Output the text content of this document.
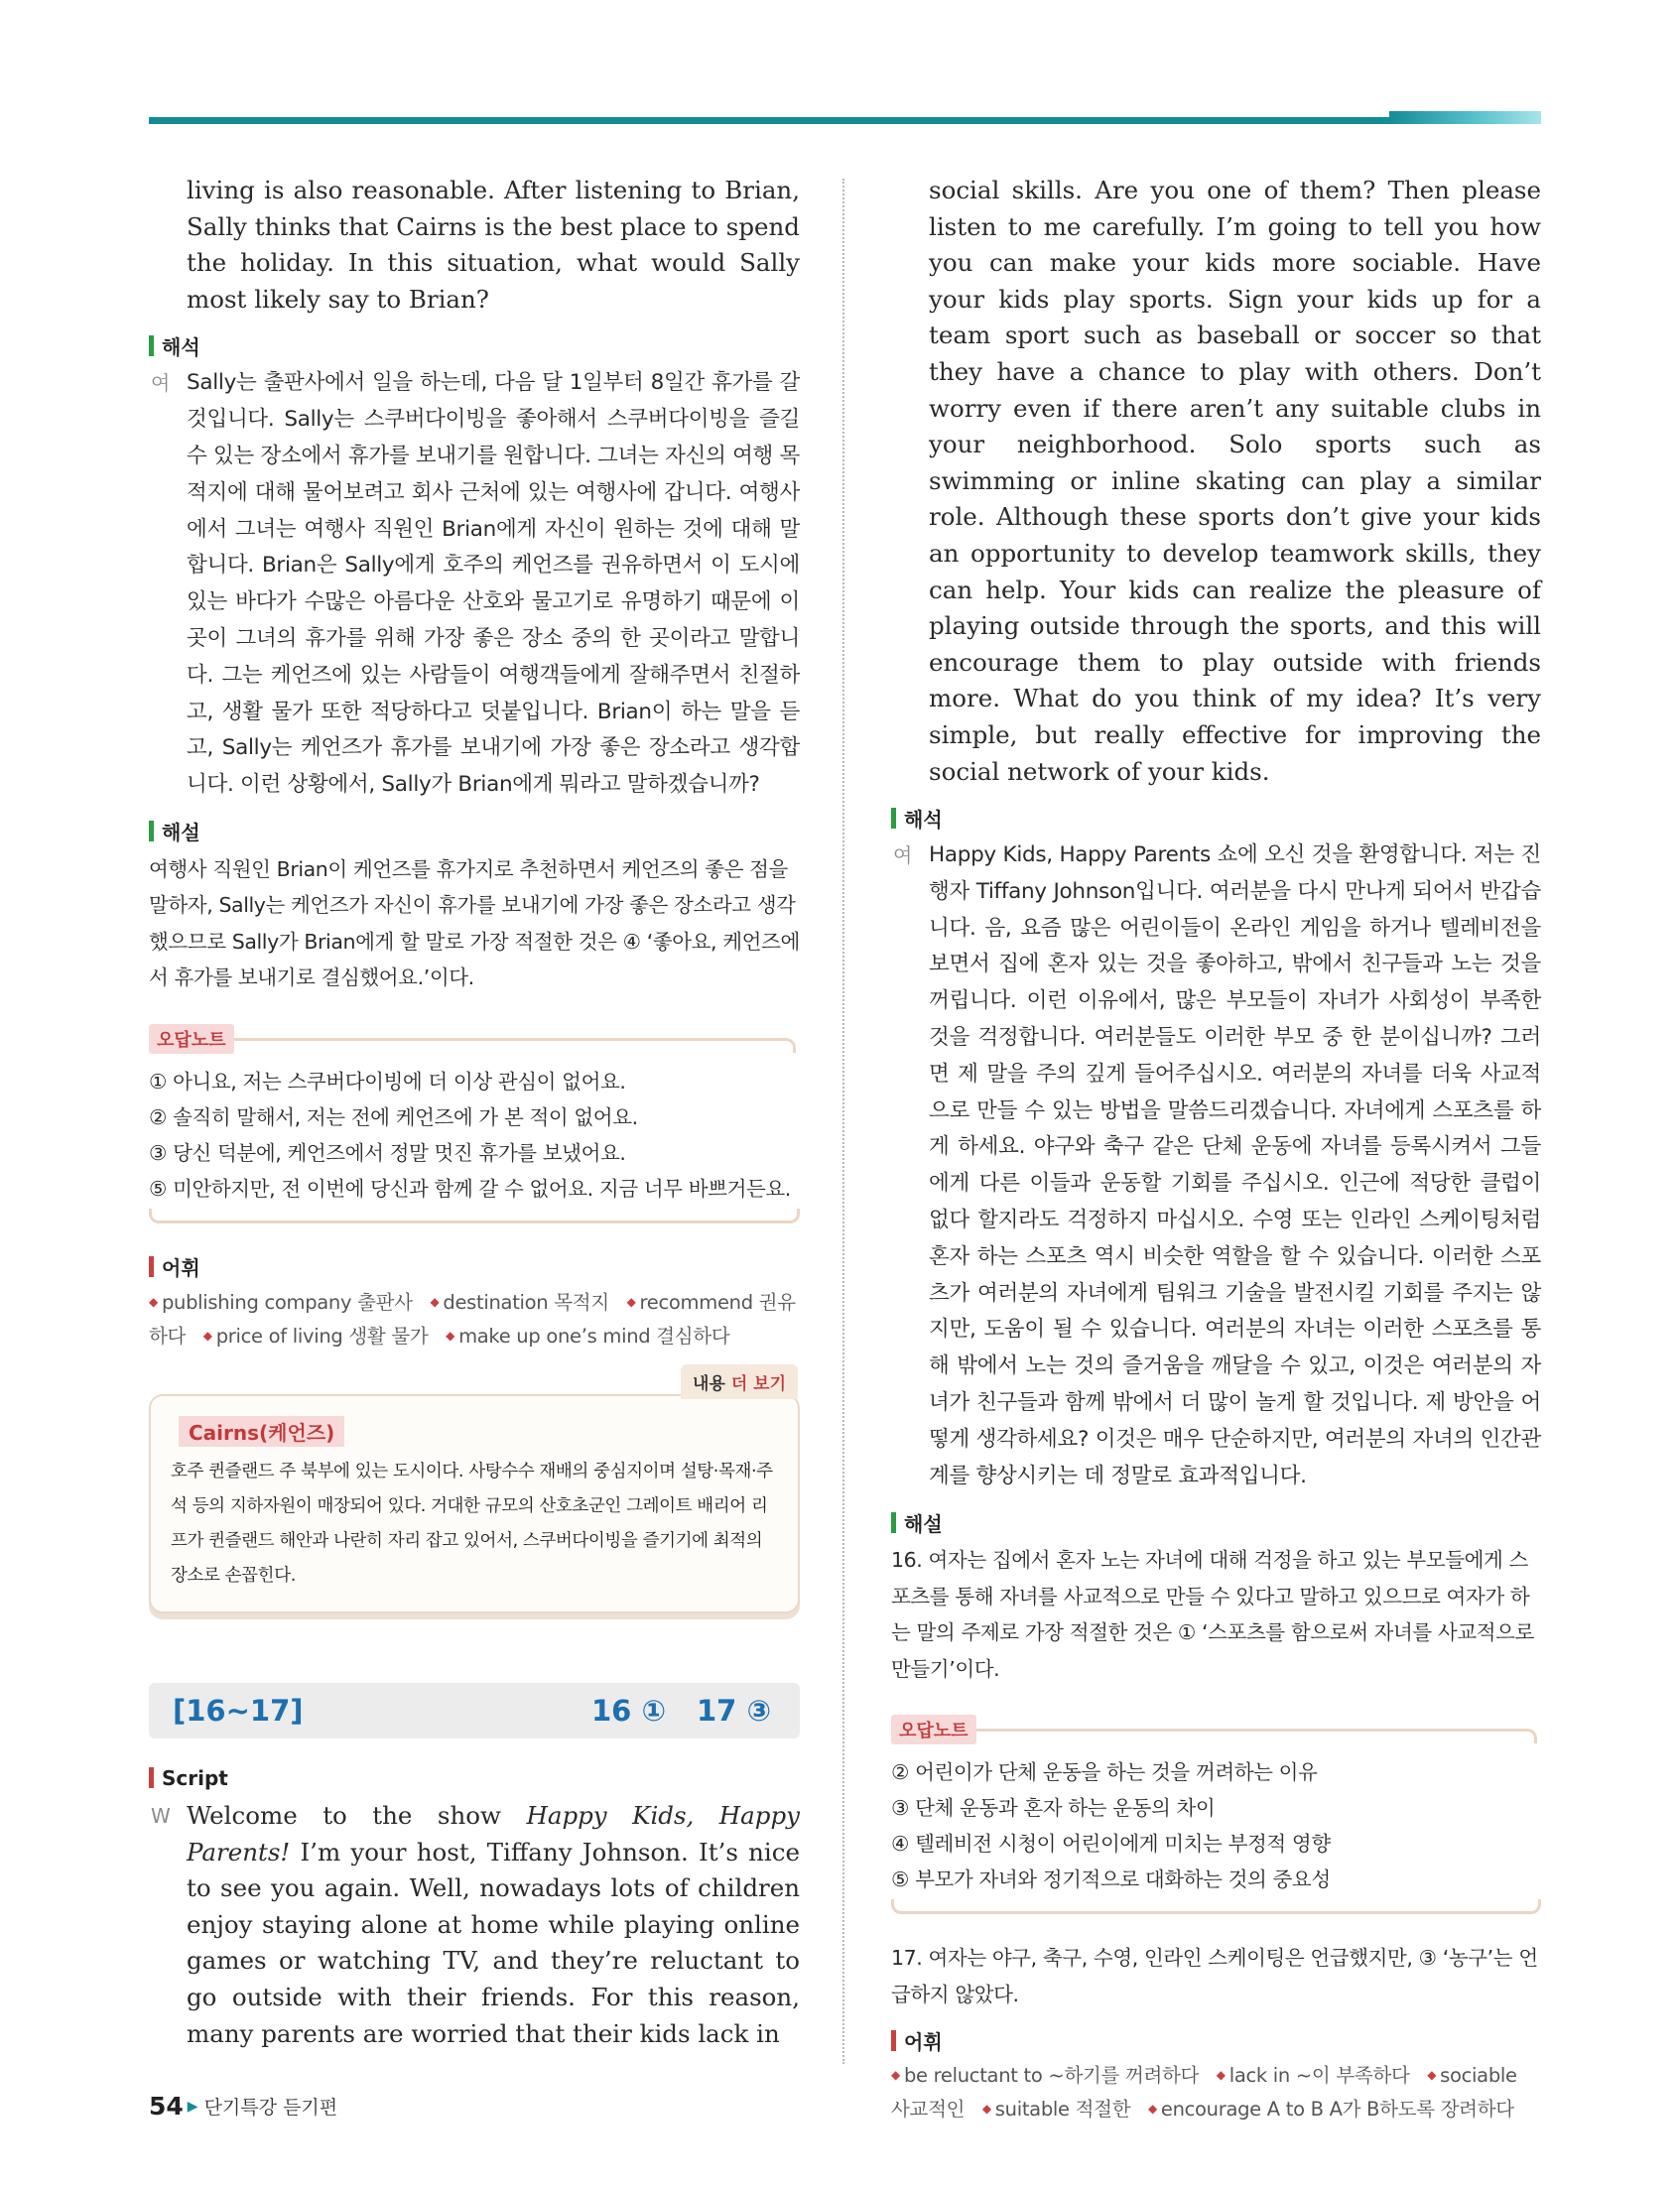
living is also reasonable. After listening to Brian, Sally thinks that Cairns is the best place to spend the holiday. In this situation, what would Sally most likely say to Brian?

해석
여 Sally는 출판사에서 일을 하는데, 다음 달 1일부터 8일간 휴가를 갈 것입니다. Sally는 스쿠버다이빙을 좋아해서 스쿠버다이빙을 즐길 수 있는 장소에서 휴가를 보내기를 원합니다. 그녀는 자신의 여행 목적지에 대해 물어보려고 회사 근처에 있는 여행사에 갑니다. 여행사에서 그녀는 여행사 직원인 Brian에게 자신이 원하는 것에 대해 말합니다. Brian은 Sally에게 호주의 케언즈를 권유하면서 이 도시에 있는 바다가 수많은 아름다운 산호와 물고기로 유명하기 때문에 이곳이 그녀의 휴가를 위해 가장 좋은 장소 중의 한 곳이라고 말합니다. 그는 케언즈에 있는 사람들이 여행객들에게 잘해주면서 친절하고, 생활 물가 또한 적당하다고 덧붙입니다. Brian이 하는 말을 듣고, Sally는 케언즈가 휴가를 보내기에 가장 좋은 장소라고 생각합니다. 이런 상황에서, Sally가 Brian에게 뭐라고 말하겠습니까?

해설

여행사 직원인 Brian이 케언즈를 휴가지로 추천하면서 케언즈의 좋은 점을 말하자, Sally는 케언즈가 자신이 휴가를 보내기에 가장 좋은 장소라고 생각했으므로 Sally가 Brian에게 할 말로 가장 적절한 것은 ④ ‘좋아요, 케언즈에서 휴가를 보내기로 결심했어요.’이다.

오답노트

① 아니요, 저는 스쿠버다이빙에 더 이상 관심이 없어요.

② 솔직히 말해서, 저는 전에 케언즈에 가 본 적이 없어요.

③ 당신 덕분에, 케언즈에서 정말 멋진 휴가를 보냈어요.

⑤ 미안하지만, 전 이번에 당신과 함께 갈 수 없어요. 지금 너무 바쁘거든요.

어휘

◆ publishing company 출판사 ◆ destination 목적지 ◆ recommend 권유하다 ◆ price of living 생활 물가 ◆ make up one’s mind 결심하다

내용 더 보기
Cairns(케언즈)

호주 퀸즐랜드 주 북부에 있는 도시이다. 사탕수수 재배의 중심지이며 설탕·목재·주석 등의 지하자원이 매장되어 있다. 거대한 규모의 산호초군인 그레이트 배리어 리프가 퀸즐랜드 해안과 나란히 자리 잡고 있어서, 스쿠버다이빙을 즐기기에 최적의 장소로 손꼽힌다.

[16~17]	16 ① 17 ③
Script
W Welcome to the show Happy Kids, Happy Parents! I’m your host, Tiffany Johnson. It’s nice to see you again. Well, nowadays lots of children enjoy staying alone at home while playing online games or watching TV, and they’re reluctant to go outside with their friends. For this reason, many parents are worried that their kids lack in

social skills. Are you one of them? Then please listen to me carefully. I’m going to tell you how you can make your kids more sociable. Have your kids play sports. Sign your kids up for a team sport such as baseball or soccer so that they have a chance to play with others. Don’t worry even if there aren’t any suitable clubs in your neighborhood. Solo sports such as swimming or inline skating can play a similar role. Although these sports don’t give your kids an opportunity to develop teamwork skills, they can help. Your kids can realize the pleasure of playing outside through the sports, and this will encourage them to play outside with friends more. What do you think of my idea? It’s very simple, but really effective for improving the social network of your kids.

해석
여 Happy Kids, Happy Parents 쇼에 오신 것을 환영합니다. 저는 진행자 Tiffany Johnson입니다. 여러분을 다시 만나게 되어서 반갑습니다. 음, 요즘 많은 어린이들이 온라인 게임을 하거나 텔레비전을 보면서 집에 혼자 있는 것을 좋아하고, 밖에서 친구들과 노는 것을 꺼립니다. 이런 이유에서, 많은 부모들이 자녀가 사회성이 부족한 것을 걱정합니다. 여러분들도 이러한 부모 중 한 분이십니까? 그러면 제 말을 주의 깊게 들어주십시오. 여러분의 자녀를 더욱 사교적으로 만들 수 있는 방법을 말씀드리겠습니다. 자녀에게 스포츠를 하게 하세요. 야구와 축구 같은 단체 운동에 자녀를 등록시켜서 그들에게 다른 이들과 운동할 기회를 주십시오. 인근에 적당한 클럽이 없다 할지라도 걱정하지 마십시오. 수영 또는 인라인 스케이팅처럼 혼자 하는 스포츠 역시 비슷한 역할을 할 수 있습니다. 이러한 스포츠가 여러분의 자녀에게 팀워크 기술을 발전시킬 기회를 주지는 않지만, 도움이 될 수 있습니다. 여러분의 자녀는 이러한 스포츠를 통해 밖에서 노는 것의 즐거움을 깨달을 수 있고, 이것은 여러분의 자녀가 친구들과 함께 밖에서 더 많이 놀게 할 것입니다. 제 방안을 어떻게 생각하세요? 이것은 매우 단순하지만, 여러분의 자녀의 인간관계를 향상시키는 데 정말로 효과적입니다.

해설

16. 여자는 집에서 혼자 노는 자녀에 대해 걱정을 하고 있는 부모들에게 스포츠를 통해 자녀를 사교적으로 만들 수 있다고 말하고 있으므로 여자가 하는 말의 주제로 가장 적절한 것은 ① ‘스포츠를 함으로써 자녀를 사교적으로 만들기’이다.

오답노트

② 어린이가 단체 운동을 하는 것을 꺼려하는 이유

③ 단체 운동과 혼자 하는 운동의 차이

④ 텔레비전 시청이 어린이에게 미치는 부정적 영향

⑤ 부모가 자녀와 정기적으로 대화하는 것의 중요성

17. 여자는 야구, 축구, 수영, 인라인 스케이팅은 언급했지만, ③ ‘농구’는 언급하지 않았다.

어휘

◆ be reluctant to ~하기를 꺼려하다 ◆ lack in ~이 부족하다 ◆ sociable 사교적인 ◆ suitable 적절한 ◆ encourage A to B A가 B하도록 장려하다

54 ▶ 단기특강 듣기편
